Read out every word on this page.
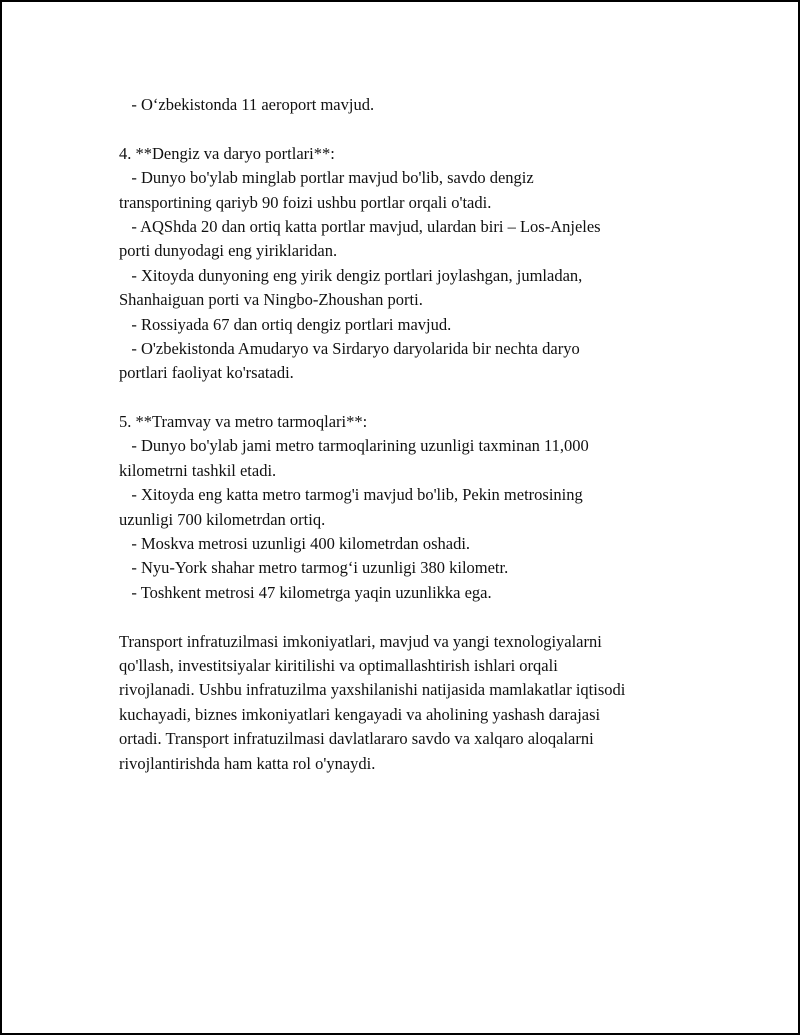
- O‘zbekistonda 11 aeroport mavjud.
4. **Dengiz va daryo portlari**:
- Dunyo bo'ylab minglab portlar mavjud bo'lib, savdo dengiz
transportining qariyb 90 foizi ushbu portlar orqali o'tadi.
- AQShda 20 dan ortiq katta portlar mavjud, ulardan biri – Los-Anjeles
porti dunyodagi eng yiriklaridan.
- Xitoyda dunyoning eng yirik dengiz portlari joylashgan, jumladan,
Shanhaiguan porti va Ningbo-Zhoushan porti.
- Rossiyada 67 dan ortiq dengiz portlari mavjud.
- O'zbekistonda Amudaryo va Sirdaryo daryolarida bir nechta daryo
portlari faoliyat ko'rsatadi.
5. **Tramvay va metro tarmoqlari**:
- Dunyo bo'ylab jami metro tarmoqlarining uzunligi taxminan 11,000
kilometrni tashkil etadi.
- Xitoyda eng katta metro tarmog'i mavjud bo'lib, Pekin metrosining
uzunligi 700 kilometrdan ortiq.
- Moskva metrosi uzunligi 400 kilometrdan oshadi.
- Nyu-York shahar metro tarmog‘i uzunligi 380 kilometr.
- Toshkent metrosi 47 kilometrga yaqin uzunlikka ega.
Transport infratuzilmasi imkoniyatlari, mavjud va yangi texnologiyalarni
qo'llash, investitsiyalar kiritilishi va optimallashtirish ishlari orqali
rivojlanadi. Ushbu infratuzilma yaxshilanishi natijasida mamlakatlar iqtisodi
kuchayadi, biznes imkoniyatlari kengayadi va aholining yashash darajasi
ortadi. Transport infratuzilmasi davlatlararo savdo va xalqaro aloqalarni
rivojlantirishda ham katta rol o'ynaydi.
